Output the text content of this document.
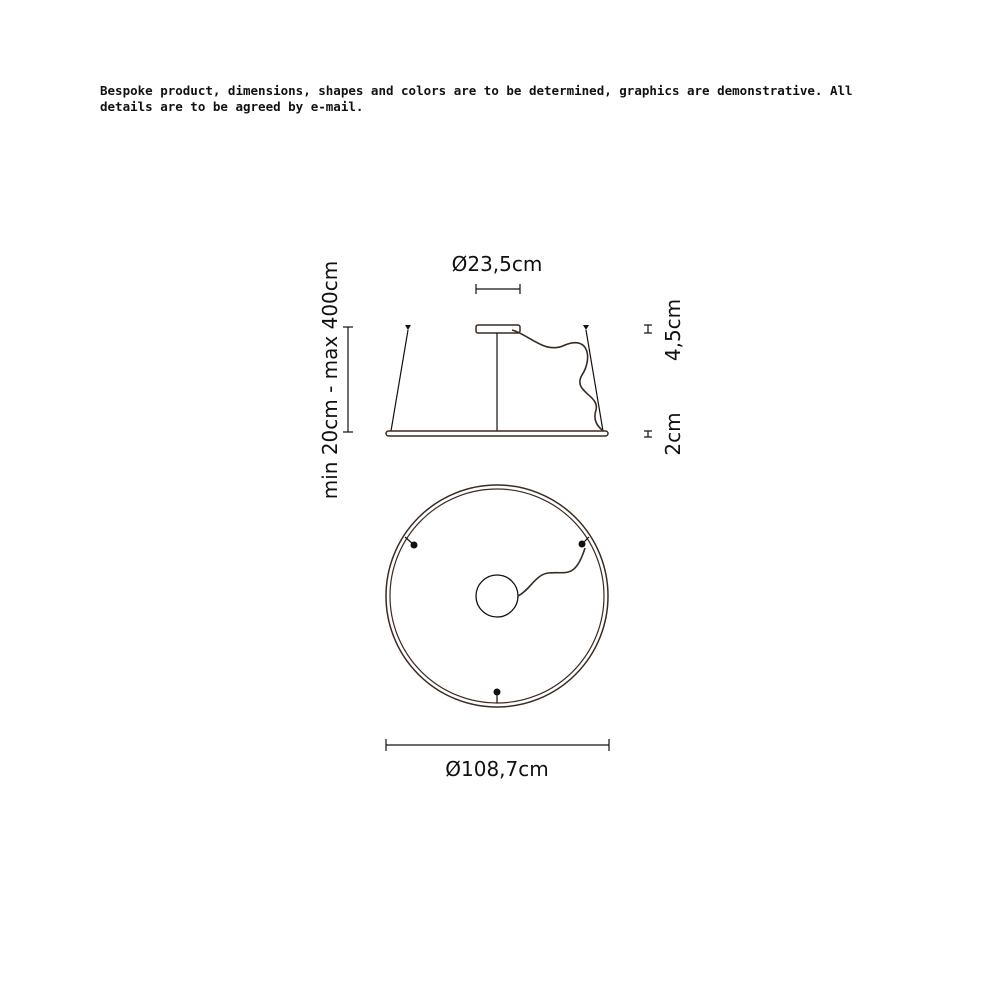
Bespoke product, dimensions, shapes and colors are to be determined, graphics are demonstrative. All details are to be agreed by e-mail.
Ø23,5cm
min 20cm - max 400cm	4,5cm
2cm
Ø108,7cm
